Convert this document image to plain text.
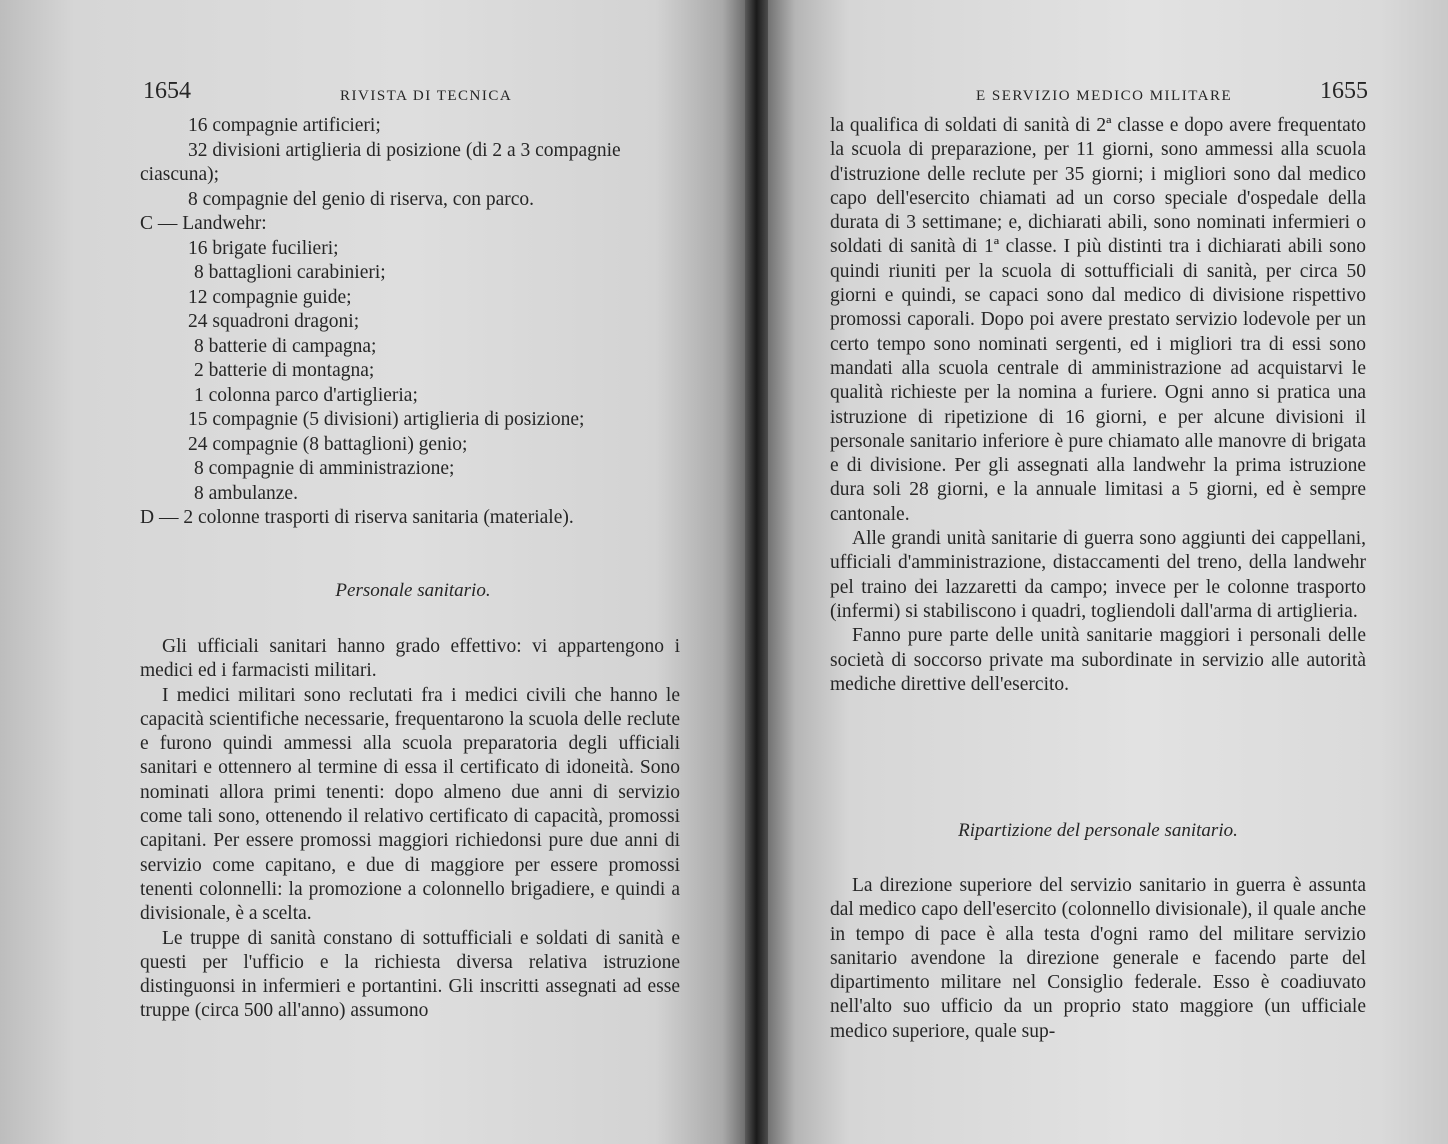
1654	RIVISTA DI TECNICA
16 compagnie artificieri;
32 divisioni artiglieria di posizione (di 2 a 3 compagnie
ciascuna);
8 compagnie del genio di riserva, con parco.
C — Landwehr:
16 brigate fucilieri;
8 battaglioni carabinieri;
12 compagnie guide;
24 squadroni dragoni;
8 batterie di campagna;
2 batterie di montagna;
1 colonna parco d'artiglieria;
15 compagnie (5 divisioni) artiglieria di posizione;
24 compagnie (8 battaglioni) genio;
8 compagnie di amministrazione;
8 ambulanze.
D — 2 colonne trasporti di riserva sanitaria (materiale).
Personale sanitario.

Gli ufficiali sanitari hanno grado effettivo: vi appartengono i medici ed i farmacisti militari.

I medici militari sono reclutati fra i medici civili che hanno le capacità scientifiche necessarie, frequentarono la scuola delle reclute e furono quindi ammessi alla scuola preparatoria degli ufficiali sanitari e ottennero al termine di essa il certificato di idoneità. Sono nominati allora primi tenenti: dopo almeno due anni di servizio come tali sono, ottenendo il relativo certificato di capacità, promossi capitani. Per essere promossi maggiori richiedonsi pure due anni di servizio come capitano, e due di maggiore per essere promossi tenenti colonnelli: la promozione a colonnello brigadiere, e quindi a divisionale, è a scelta.

Le truppe di sanità constano di sottufficiali e soldati di sanità e questi per l'ufficio e la richiesta diversa relativa istruzione distinguonsi in infermieri e portantini. Gli inscritti assegnati ad esse truppe (circa 500 all'anno) assumono

E SERVIZIO MEDICO MILITARE	1655

la qualifica di soldati di sanità di 2ª classe e dopo avere frequentato la scuola di preparazione, per 11 giorni, sono ammessi alla scuola d'istruzione delle reclute per 35 giorni; i migliori sono dal medico capo dell'esercito chiamati ad un corso speciale d'ospedale della durata di 3 settimane; e, dichiarati abili, sono nominati infermieri o soldati di sanità di 1ª classe. I più distinti tra i dichiarati abili sono quindi riuniti per la scuola di sottufficiali di sanità, per circa 50 giorni e quindi, se capaci sono dal medico di divisione rispettivo promossi caporali. Dopo poi avere prestato servizio lodevole per un certo tempo sono nominati sergenti, ed i migliori tra di essi sono mandati alla scuola centrale di amministrazione ad acquistarvi le qualità richieste per la nomina a furiere. Ogni anno si pratica una istruzione di ripetizione di 16 giorni, e per alcune divisioni il personale sanitario inferiore è pure chiamato alle manovre di brigata e di divisione. Per gli assegnati alla landwehr la prima istruzione dura soli 28 giorni, e la annuale limitasi a 5 giorni, ed è sempre cantonale.

Alle grandi unità sanitarie di guerra sono aggiunti dei cappellani, ufficiali d'amministrazione, distaccamenti del treno, della landwehr pel traino dei lazzaretti da campo; invece per le colonne trasporto (infermi) si stabiliscono i quadri, togliendoli dall'arma di artiglieria.

Fanno pure parte delle unità sanitarie maggiori i personali delle società di soccorso private ma subordinate in servizio alle autorità mediche direttive dell'esercito.

Ripartizione del personale sanitario.

La direzione superiore del servizio sanitario in guerra è assunta dal medico capo dell'esercito (colonnello divisionale), il quale anche in tempo di pace è alla testa d'ogni ramo del militare servizio sanitario avendone la direzione generale e facendo parte del dipartimento militare nel Consiglio federale. Esso è coadiuvato nell'alto suo ufficio da un proprio stato maggiore (un ufficiale medico superiore, quale sup-
